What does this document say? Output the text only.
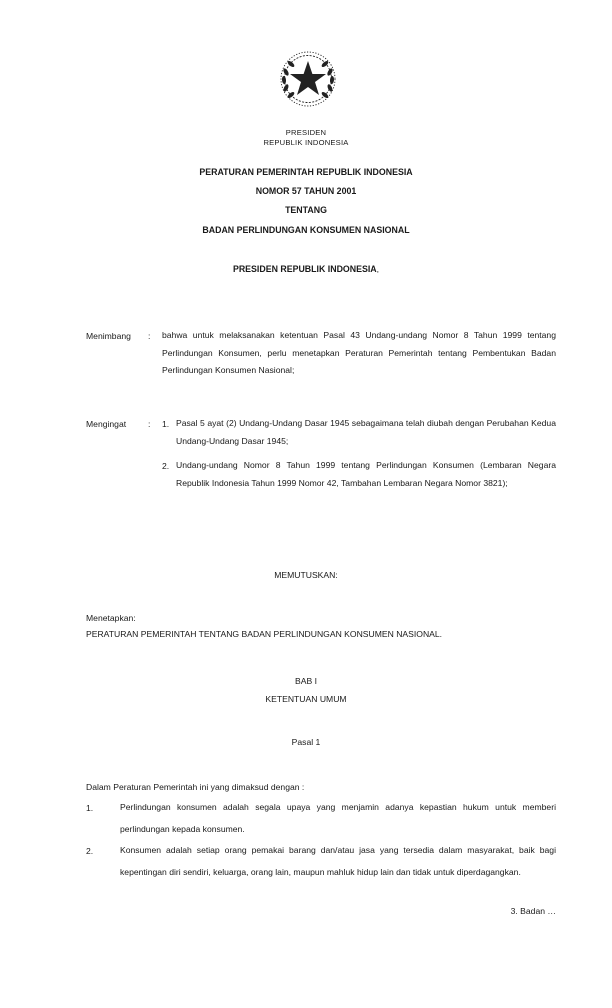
PRESIDEN
REPUBLIK INDONESIA
PERATURAN PEMERINTAH REPUBLIK INDONESIA
NOMOR 57 TAHUN 2001
TENTANG
BADAN PERLINDUNGAN KONSUMEN NASIONAL
PRESIDEN REPUBLIK INDONESIA,
Menimbang	: bahwa untuk melaksanakan ketentuan Pasal 43 Undang-undang Nomor 8 Tahun 1999 tentang Perlindungan Konsumen, perlu menetapkan Peraturan Pemerintah tentang Pembentukan Badan Perlindungan Konsumen Nasional;
Mengingat	: 1. Pasal 5 ayat (2) Undang-Undang Dasar 1945 sebagaimana telah diubah dengan Perubahan Kedua Undang-Undang Dasar 1945;
2. Undang-undang Nomor 8 Tahun 1999 tentang Perlindungan Konsumen (Lembaran Negara Republik Indonesia Tahun 1999 Nomor 42, Tambahan Lembaran Negara Nomor 3821);
MEMUTUSKAN:
Menetapkan:
PERATURAN PEMERINTAH TENTANG BADAN PERLINDUNGAN KONSUMEN NASIONAL.
BAB I
KETENTUAN UMUM
Pasal 1
Dalam Peraturan Pemerintah ini yang dimaksud dengan :
1.	Perlindungan konsumen adalah segala upaya yang menjamin adanya kepastian hukum untuk memberi perlindungan kepada konsumen.
2.	Konsumen adalah setiap orang pemakai barang dan/atau jasa yang tersedia dalam masyarakat, baik bagi kepentingan diri sendiri, keluarga, orang lain, maupun mahluk hidup lain dan tidak untuk diperdagangkan.
3. Badan …
